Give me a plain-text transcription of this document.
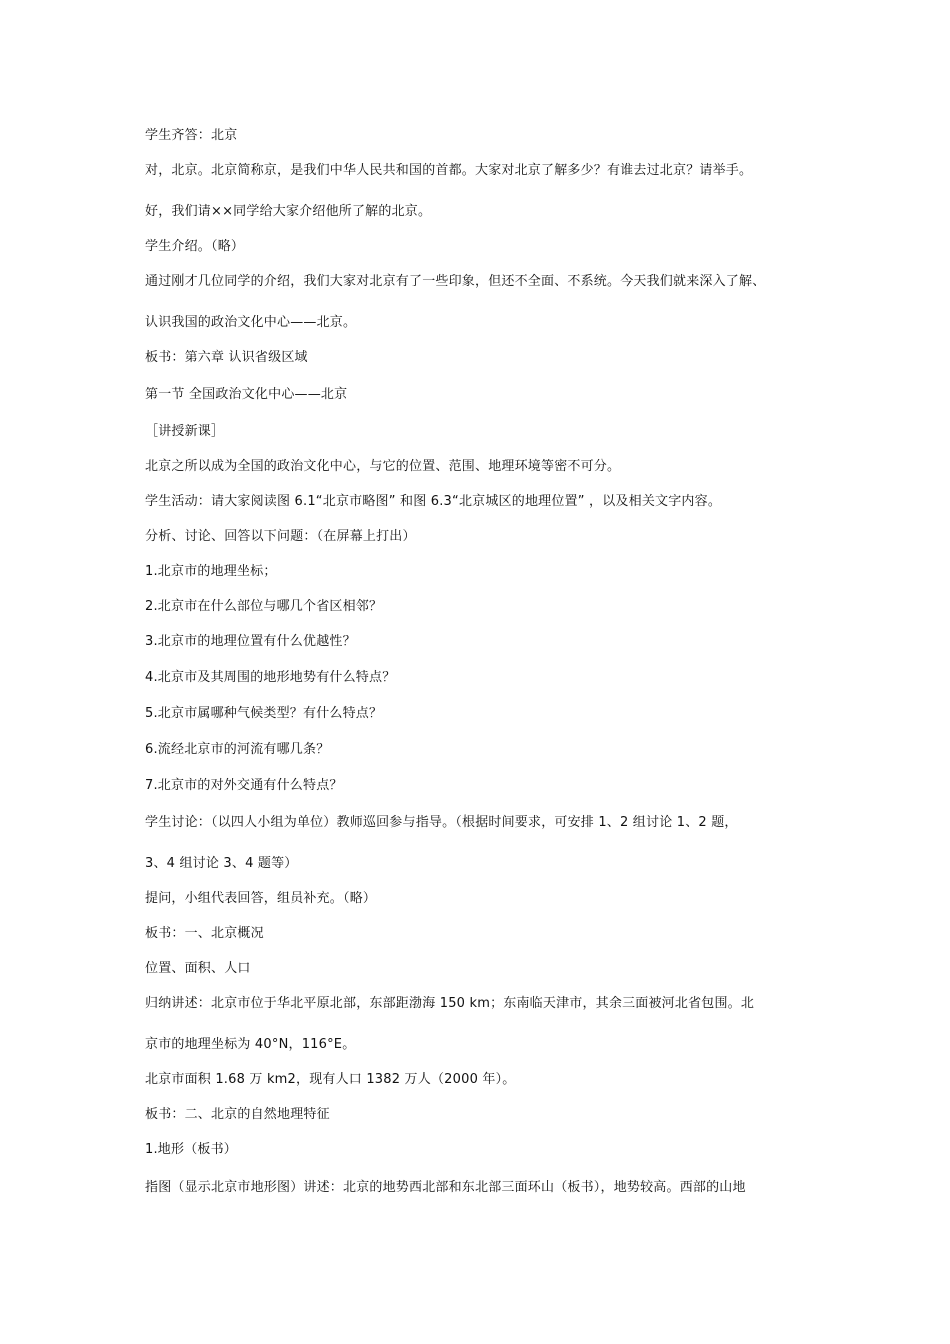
学生齐答：北京
对，北京。北京简称京，是我们中华人民共和国的首都。大家对北京了解多少？有谁去过北京？请举手。
好，我们请××同学给大家介绍他所了解的北京。
学生介绍。（略）
通过刚才几位同学的介绍，我们大家对北京有了一些印象，但还不全面、不系统。今天我们就来深入了解、
认识我国的政治文化中心——北京。
板书：第六章 认识省级区域
第一节 全国政治文化中心——北京
［讲授新课］
北京之所以成为全国的政治文化中心，与它的位置、范围、地理环境等密不可分。
学生活动：请大家阅读图 6.1“北京市略图” 和图 6.3“北京城区的地理位置” ，以及相关文字内容。
分析、讨论、回答以下问题：（在屏幕上打出）
1.北京市的地理坐标；
2.北京市在什么部位与哪几个省区相邻？
3.北京市的地理位置有什么优越性？
4.北京市及其周围的地形地势有什么特点？
5.北京市属哪种气候类型？有什么特点？
6.流经北京市的河流有哪几条？
7.北京市的对外交通有什么特点？
学生讨论：（以四人小组为单位）教师巡回参与指导。（根据时间要求，可安排 1、2 组讨论 1、2 题，
3、4 组讨论 3、4 题等）
提问，小组代表回答，组员补充。（略）
板书：一、北京概况
位置、面积、人口
归纳讲述：北京市位于华北平原北部，东部距渤海 150 km；东南临天津市，其余三面被河北省包围。北
京市的地理坐标为 40°N，116°E。
北京市面积 1.68 万 km2，现有人口 1382 万人（2000 年）。
板书：二、北京的自然地理特征
1.地形（板书）
指图（显示北京市地形图）讲述：北京的地势西北部和东北部三面环山（板书），地势较高。西部的山地
